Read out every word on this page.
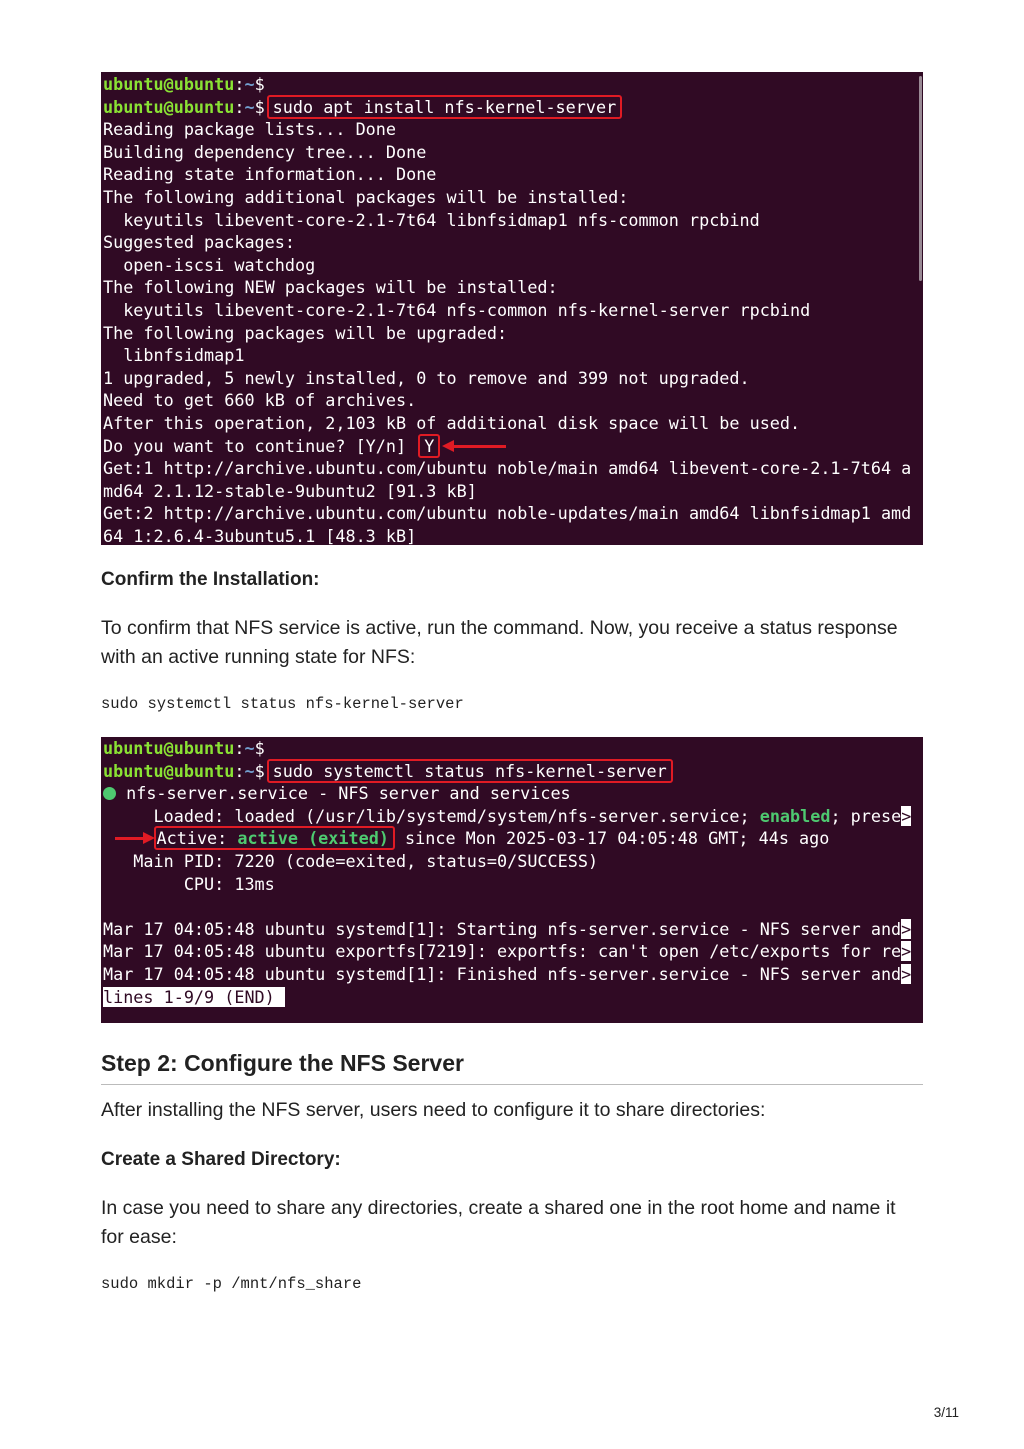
ubuntu@ubuntu:~$
ubuntu@ubuntu:~$ sudo apt install nfs-kernel-server
Reading package lists... Done
Building dependency tree... Done
Reading state information... Done
The following additional packages will be installed:
keyutils libevent-core-2.1-7t64 libnfsidmap1 nfs-common rpcbind
Suggested packages:
open-iscsi watchdog
The following NEW packages will be installed:
keyutils libevent-core-2.1-7t64 nfs-common nfs-kernel-server rpcbind
The following packages will be upgraded:
libnfsidmap1
1 upgraded, 5 newly installed, 0 to remove and 399 not upgraded.
Need to get 660 kB of archives.
After this operation, 2,103 kB of additional disk space will be used.
Do you want to continue? [Y/n] Y
Get:1 http://archive.ubuntu.com/ubuntu noble/main amd64 libevent-core-2.1-7t64 a
md64 2.1.12-stable-9ubuntu2 [91.3 kB]
Get:2 http://archive.ubuntu.com/ubuntu noble-updates/main amd64 libnfsidmap1 amd
64 1:2.6.4-3ubuntu5.1 [48.3 kB]
Confirm the Installation:
To confirm that NFS service is active, run the command. Now, you receive a status response with an active running state for NFS:
sudo systemctl status nfs-kernel-server
ubuntu@ubuntu:~$
ubuntu@ubuntu:~$ sudo systemctl status nfs-kernel-server
nfs-server.service - NFS server and services
Loaded: loaded (/usr/lib/systemd/system/nfs-server.service; enabled; prese>
Active: active (exited) since Mon 2025-03-17 04:05:48 GMT; 44s ago
Main PID: 7220 (code=exited, status=0/SUCCESS)
CPU: 13ms
Mar 17 04:05:48 ubuntu systemd[1]: Starting nfs-server.service - NFS server and>
Mar 17 04:05:48 ubuntu exportfs[7219]: exportfs: can't open /etc/exports for re>
Mar 17 04:05:48 ubuntu systemd[1]: Finished nfs-server.service - NFS server and>
lines 1-9/9 (END)
Step 2: Configure the NFS Server
After installing the NFS server, users need to configure it to share directories:
Create a Shared Directory:
In case you need to share any directories, create a shared one in the root home and name it for ease:
sudo mkdir -p /mnt/nfs_share
3/11
